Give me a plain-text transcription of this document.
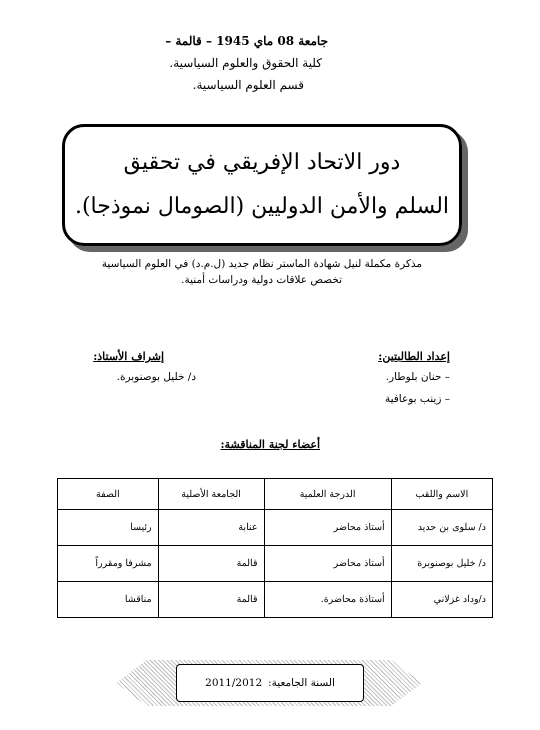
جامعة 08 ماي 1945 – قالمة –
كلية الحقوق والعلوم السياسية.
قسم العلوم السياسية.
دور الاتحاد الإفريقي في تحقيق
السلم والأمن الدوليين (الصومال نموذجا).
مذكرة مكملة لنيل شهادة الماستر نظام جديد (ل.م.د) في العلوم السياسية
تخصص علاقات دولية ودراسات أمنية.
إعداد الطالبتين:
– حنان بلوطار.
– زينب بوعافية
إشراف الأستاذ:
د/ خليل بوصنوبرة.
أعضاء لجنة المناقشة:
الاسم واللقب	الدرجة العلمية	الجامعة الأصلية	الصفة
د/ سلوى بن حديد	أستاذ محاضر	عنابة	رئيسا
د/ خليل بوصنوبرة	أستاذ محاضر	قالمة	مشرفا ومقرراً
د/وداد غزلاني	أستاذة محاضرة.	قالمة	مناقشا
السنة الجامعية:
2011/2012
